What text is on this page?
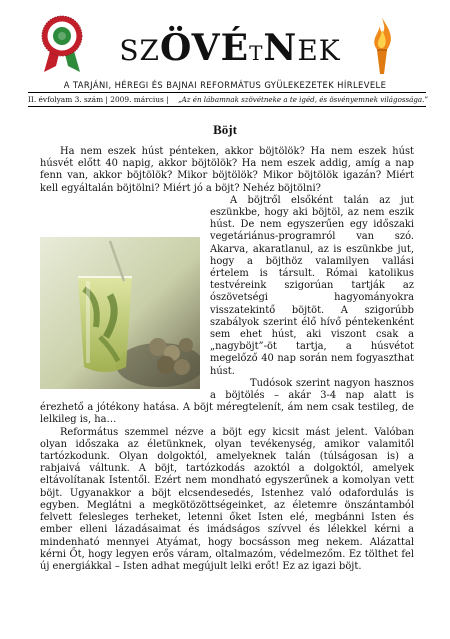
SZÖVÉtNEK
A TARJÁNI, HÉREGI ÉS BAJNAI REFORMÁTUS GYÜLEKEZETEK HÍRLEVELE
II. évfolyam 3. szám | 2009. március | „Az én lábamnak szövétneke a te igéd, és ösvényemnek világossága.”
Böjt

Ha nem eszek húst pénteken, akkor böjtölök? Ha nem eszek húst húsvét előtt 40 napig, akkor böjtölök? Ha nem eszek addig, amíg a nap fenn van, akkor böjtölök? Mikor böjtölök? Mikor böjtölök igazán? Miért kell egyáltalán böjtölni? Miért jó a böjt? Nehéz böjtölni?

A böjtről elsőként talán az jut eszünkbe, hogy aki böjtöl, az nem eszik húst. De nem egyszerűen egy időszaki vegetáriánus-programról van szó. Akarva, akaratlanul, az is eszünkbe jut, hogy a böjthöz valamilyen vallási értelem is társult. Római katolikus testvéreink szigorúan tartják az ószövetségi hagyományokra visszatekintő böjtöt. A szigorúbb szabályok szerint élő hívő péntekenként sem ehet húst, aki viszont csak a „nagyböjt”-öt tartja, a húsvétot megelőző 40 nap során nem fogyaszthat húst.

Tudósok szerint nagyon hasznos a böjtölés – akár 3-4 nap alatt is érezhető a jótékony hatása. A böjt méregtelenít, ám nem csak testileg, de lelkileg is, ha…

Református szemmel nézve a böjt egy kicsit mást jelent. Valóban olyan időszaka az életünknek, olyan tevékenység, amikor valamitől tartózkodunk. Olyan dolgoktól, amelyeknek talán (túlságosan is) a rabjaivá váltunk. A böjt, tartózkodás azoktól a dolgoktól, amelyek eltávolítanak Istentől. Ezért nem mondható egyszerűnek a komolyan vett böjt. Ugyanakkor a böjt elcsendesedés, Istenhez való odafordulás is egyben. Meglátni a megkötözöttségeinket, az életemre önszántamból felvett felesleges terheket, letenni őket Isten elé, megbánni Isten és ember elleni lázadásaimat és imádságos szívvel és lélekkel kérni a mindenható mennyei Atyámat, hogy bocsásson meg nekem. Alázattal kérni Őt, hogy legyen erős váram, oltalmazóm, védelmezőm. Ez tölthet fel új energiákkal – Isten adhat megújult lelki erőt! Ez az igazi böjt.
